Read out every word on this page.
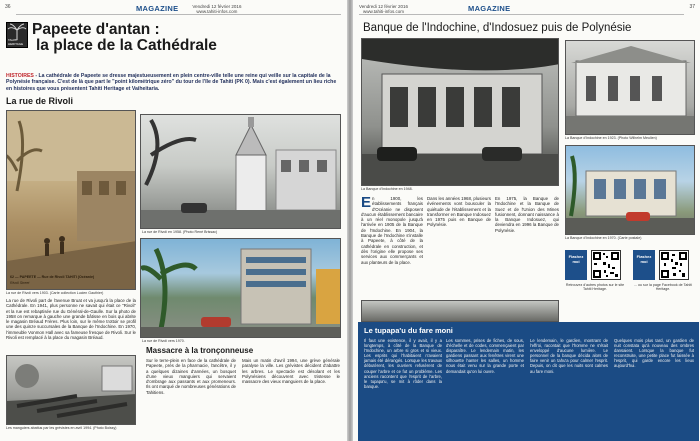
36	MAGAZINE	Vendredi 12 février 2016
www.tahiti-infos.com
TAHITI HERITAGE
Papeete d'antan :
la place de la Cathédrale
HISTOIRES - La cathédrale de Papeete se dresse majestueusement en plein centre-ville telle une reine qui veille sur la capitale de la Polynésie française. C'est de là que part le "point kilométrique zéro" du tour de l'île de Tahiti (PK 0). Mais c'est également un lieu riche en histoires que vous présentent Tahiti Heritage et Vaiheitaria.
La rue de Rivoli
62 — PAPEETE — Rue de Rivoli TAHITI (Océanie)
Rivoli Street
La rue de Rivoli vers 1903. (Carte collection Lucien Gauthier)
La rue de Rivoli en 1958. (Photo René Brissac)
La rue de Rivoli vers 1970.
La rue de Rivoli part de l'avenue Bruat et va jusqu'à la place de la Cathédrale. En 1941, plus personne ne savait qui était ce "Rivoli" et la rue est rebaptisée rue du Général-de-Gaulle. Sur la photo de 1958 on remarque à gauche une grande bâtisse en bois qui abrite le magasin Bréaud Frères. Plus loin, sur le même trottoir se profil une des quinze succursales de la Banque de l'Indochine. En 1970, l'immeuble Vonmon Hall avec sa fameuse fresque de Rivoli. Sur le Rivoli est remplacé à la place du magasin Bréaud.
Les manguiers abattus par les grévistes en avril 1994. (Photo Boissy)
Massacre à la tronçonneuse
Sur le terre-plein en face de la cathédrale de Papeete, près de la pharmacie, l'ancêtre, il y a quelques dizaines d'années, un bosquet d'une vieux manguiers qui servaient d'ombrage aux passants et aux promeneurs. Ils ont marqué de nombreuses générations de Tahitiens.
Mais un matin d'avril 1994, une grève générale paralyse la ville. Les grévistes décident d'abattre les arbres. Le spectacle est désolant et les Polynésiens découvrent avec tristesse le massacre des vieux manguiers de la place.
Vendredi 12 février 2016
www.tahiti-infos.com	MAGAZINE	37
Banque de l'Indochine, d'Indosuez puis de Polynésie
La Banque d'Indochine en 1948.
La Banque d'Indochine en 1923. (Photo Wilhelm Meulien)
La Banque d'Indochine en 1970. (Carte postale)
En 1900, les établissements français d'Océanie ne disposent d'aucun établissement bancaire à un réel monopole jusqu'à l'arrivée en 1905 de la Banque de l'Indochine. En 1904, la Banque de l'Indochine s'installe à Papeete, à côté de la cathédrale en construction, et dès l'origine elle propose ses services aux commerçants et aux planteurs de la place.
Dans les années 1968, plusieurs événements vont bousculer la quiétude de l'établissement et la transformer en Banque Indosuez en 1975 puis en Banque de Polynésie.
En 1975, la Banque de l'Indochine et la Banque de Suez et de l'Union des Mines fusionnent, donnant naissance à la Banque Indosuez, qui deviendra en 1996 la Banque de Polynésie.
Flashez moi
Retrouvez d'autres photos sur le site Tahiti Heritage.
Flashez moi
... ou sur la page Facebook de Tahiti Heritage.
Le tupapa'u du fare moni
Il faut une existence, il y avait, il y a longtemps, à côté de la Banque de l'Indochine, un arbre si gros et si vieux. Les esprits qui l'habitaient n'avaient jamais été dérangés. Lorsque les travaux débutèrent, les ouvriers refusèrent de couper l'arbre et ce fut un problème. Les anciens racontent que l'esprit de l'arbre, le tupapa'u, se mit à rôder dans la banque.
Les sommes, prises de fiches, de sous, d'échelle et de codes, commençaient par disparaître. Le lendemain matin, les gardiens passant aux fenêtres virent une silhouette hanter les salles, un homme nous était venu sur la grande porte et demandait qu'on lui ouvre.
Le lendemain, le gardien, montrant de l'effroi, racontait que l'homme ne s'était enveloppé d'aucune lumière. Le personnel de la banque décida alors de faire venir un tahu'a pour calmer l'esprit. Depuis, on dit que les nuits sont calmes au fare moni.
Quelques mois plus tard, un gardien de nuit constata qu'à nouveau des ombres dansaient. Lorsque la banque fut reconstruite, une petite place fut laissée à l'esprit, qui garde encore les lieux aujourd'hui.
